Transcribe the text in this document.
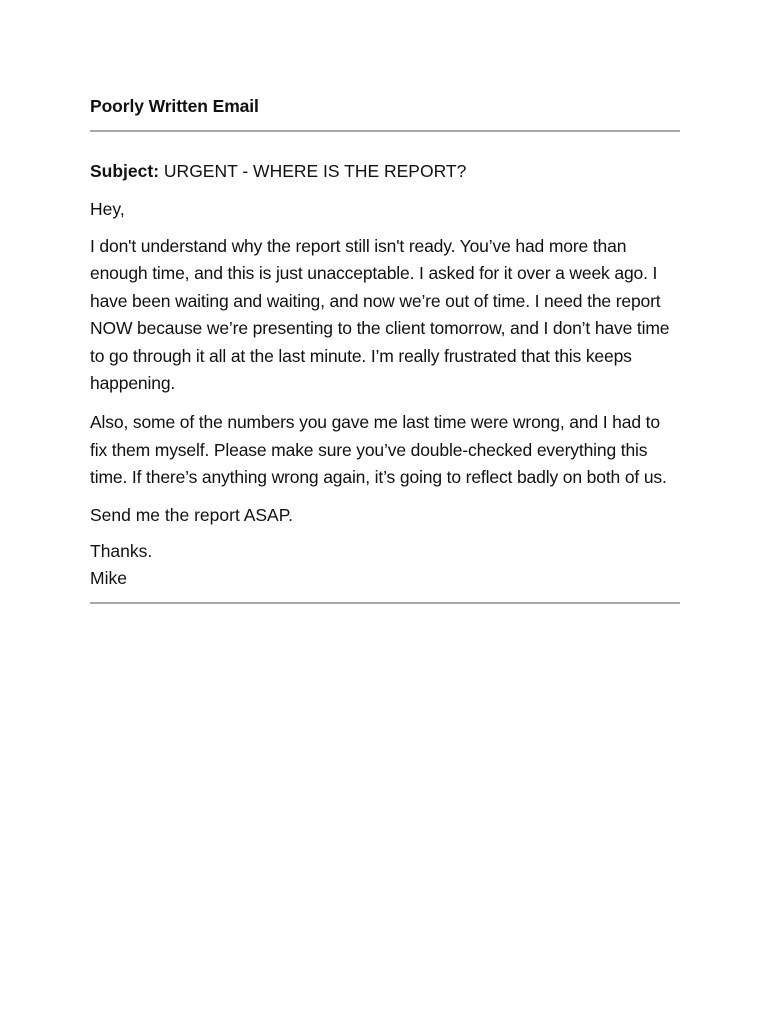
Poorly Written Email
Subject: URGENT - WHERE IS THE REPORT?
Hey,

I don't understand why the report still isn't ready. You’ve had more than enough time, and this is just unacceptable. I asked for it over a week ago. I have been waiting and waiting, and now we’re out of time. I need the report NOW because we’re presenting to the client tomorrow, and I don’t have time to go through it all at the last minute. I’m really frustrated that this keeps happening.

Also, some of the numbers you gave me last time were wrong, and I had to fix them myself. Please make sure you’ve double-checked everything this time. If there’s anything wrong again, it’s going to reflect badly on both of us.

Send me the report ASAP.
Thanks.
Mike
